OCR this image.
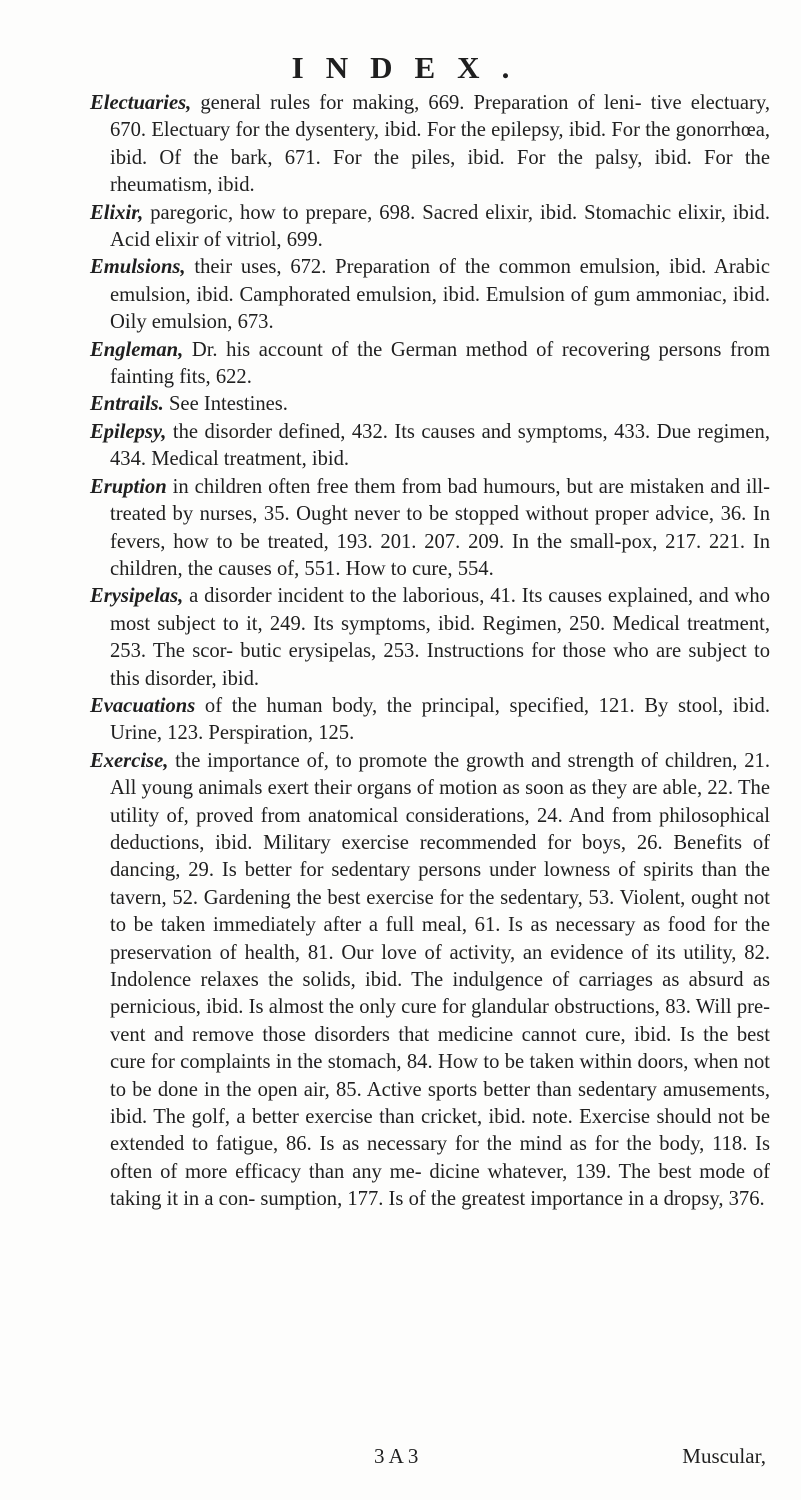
INDEX.

Electuaries, general rules for making, 669. Preparation of leni- tive electuary, 670. Electuary for the dysentery, ibid. For the epilepsy, ibid. For the gonorrhœa, ibid. Of the bark, 671. For the piles, ibid. For the palsy, ibid. For the rheumatism, ibid.

Elixir, paregoric, how to prepare, 698. Sacred elixir, ibid. Stomachic elixir, ibid. Acid elixir of vitriol, 699.

Emulsions, their uses, 672. Preparation of the common emulsion, ibid. Arabic emulsion, ibid. Camphorated emulsion, ibid. Emulsion of gum ammoniac, ibid. Oily emulsion, 673.

Engleman, Dr. his account of the German method of recovering persons from fainting fits, 622.

Entrails. See Intestines.

Epilepsy, the disorder defined, 432. Its causes and symptoms, 433. Due regimen, 434. Medical treatment, ibid.

Eruption in children often free them from bad humours, but are mistaken and ill-treated by nurses, 35. Ought never to be stopped without proper advice, 36. In fevers, how to be treated, 193. 201. 207. 209. In the small-pox, 217. 221. In children, the causes of, 551. How to cure, 554.

Erysipelas, a disorder incident to the laborious, 41. Its causes explained, and who most subject to it, 249. Its symptoms, ibid. Regimen, 250. Medical treatment, 253. The scor- butic erysipelas, 253. Instructions for those who are subject to this disorder, ibid.

Evacuations of the human body, the principal, specified, 121. By stool, ibid. Urine, 123. Perspiration, 125.

Exercise, the importance of, to promote the growth and strength of children, 21. All young animals exert their organs of motion as soon as they are able, 22. The utility of, proved from anatomical considerations, 24. And from philosophical deductions, ibid. Military exercise recommended for boys, 26. Benefits of dancing, 29. Is better for sedentary persons under lowness of spirits than the tavern, 52. Gardening the best exercise for the sedentary, 53. Violent, ought not to be taken immediately after a full meal, 61. Is as necessary as food for the preservation of health, 81. Our love of activity, an evidence of its utility, 82. Indolence relaxes the solids, ibid. The indulgence of carriages as absurd as pernicious, ibid. Is almost the only cure for glandular obstructions, 83. Will pre- vent and remove those disorders that medicine cannot cure, ibid. Is the best cure for complaints in the stomach, 84. How to be taken within doors, when not to be done in the open air, 85. Active sports better than sedentary amusements, ibid. The golf, a better exercise than cricket, ibid. note. Exercise should not be extended to fatigue, 86. Is as necessary for the mind as for the body, 118. Is often of more efficacy than any me- dicine whatever, 139. The best mode of taking it in a con- sumption, 177. Is of the greatest importance in a dropsy, 376.

3 A 3	Muscular,
